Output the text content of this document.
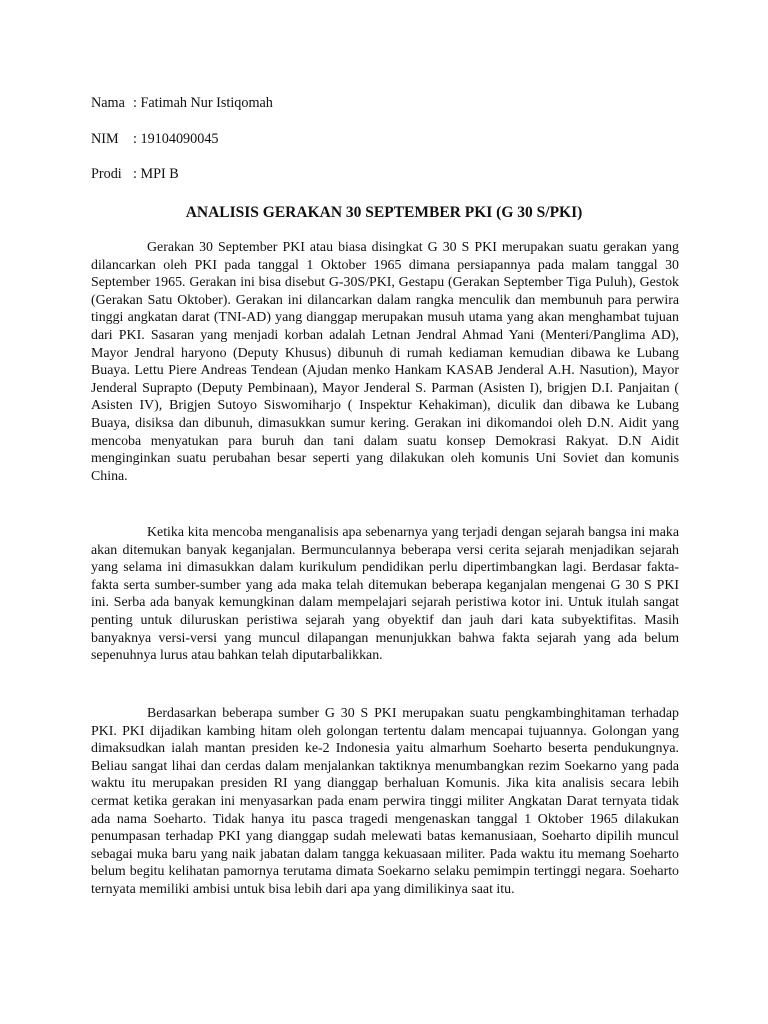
Nama : Fatimah Nur Istiqomah
NIM : 19104090045
Prodi : MPI B
ANALISIS GERAKAN 30 SEPTEMBER PKI (G 30 S/PKI)

Gerakan 30 September PKI atau biasa disingkat G 30 S PKI merupakan suatu gerakan yang dilancarkan oleh PKI pada tanggal 1 Oktober 1965 dimana persiapannya pada malam tanggal 30 September 1965. Gerakan ini bisa disebut G-30S/PKI, Gestapu (Gerakan September Tiga Puluh), Gestok (Gerakan Satu Oktober). Gerakan ini dilancarkan dalam rangka menculik dan membunuh para perwira tinggi angkatan darat (TNI-AD) yang dianggap merupakan musuh utama yang akan menghambat tujuan dari PKI. Sasaran yang menjadi korban adalah Letnan Jendral Ahmad Yani (Menteri/Panglima AD), Mayor Jendral haryono (Deputy Khusus) dibunuh di rumah kediaman kemudian dibawa ke Lubang Buaya. Lettu Piere Andreas Tendean (Ajudan menko Hankam KASAB Jenderal A.H. Nasution), Mayor Jenderal Suprapto (Deputy Pembinaan), Mayor Jenderal S. Parman (Asisten I), brigjen D.I. Panjaitan ( Asisten IV), Brigjen Sutoyo Siswomiharjo ( Inspektur Kehakiman), diculik dan dibawa ke Lubang Buaya, disiksa dan dibunuh, dimasukkan sumur kering. Gerakan ini dikomandoi oleh D.N. Aidit yang mencoba menyatukan para buruh dan tani dalam suatu konsep Demokrasi Rakyat. D.N Aidit menginginkan suatu perubahan besar seperti yang dilakukan oleh komunis Uni Soviet dan komunis China.

Ketika kita mencoba menganalisis apa sebenarnya yang terjadi dengan sejarah bangsa ini maka akan ditemukan banyak keganjalan. Bermunculannya beberapa versi cerita sejarah menjadikan sejarah yang selama ini dimasukkan dalam kurikulum pendidikan perlu dipertimbangkan lagi. Berdasar fakta-fakta serta sumber-sumber yang ada maka telah ditemukan beberapa keganjalan mengenai G 30 S PKI ini. Serba ada banyak kemungkinan dalam mempelajari sejarah peristiwa kotor ini. Untuk itulah sangat penting untuk diluruskan peristiwa sejarah yang obyektif dan jauh dari kata subyektifitas. Masih banyaknya versi-versi yang muncul dilapangan menunjukkan bahwa fakta sejarah yang ada belum sepenuhnya lurus atau bahkan telah diputarbalikkan.

Berdasarkan beberapa sumber G 30 S PKI merupakan suatu pengkambinghitaman terhadap PKI. PKI dijadikan kambing hitam oleh golongan tertentu dalam mencapai tujuannya. Golongan yang dimaksudkan ialah mantan presiden ke-2 Indonesia yaitu almarhum Soeharto beserta pendukungnya. Beliau sangat lihai dan cerdas dalam menjalankan taktiknya menumbangkan rezim Soekarno yang pada waktu itu merupakan presiden RI yang dianggap berhaluan Komunis. Jika kita analisis secara lebih cermat ketika gerakan ini menyasarkan pada enam perwira tinggi militer Angkatan Darat ternyata tidak ada nama Soeharto. Tidak hanya itu pasca tragedi mengenaskan tanggal 1 Oktober 1965 dilakukan penumpasan terhadap PKI yang dianggap sudah melewati batas kemanusiaan, Soeharto dipilih muncul sebagai muka baru yang naik jabatan dalam tangga kekuasaan militer. Pada waktu itu memang Soeharto belum begitu kelihatan pamornya terutama dimata Soekarno selaku pemimpin tertinggi negara. Soeharto ternyata memiliki ambisi untuk bisa lebih dari apa yang dimilikinya saat itu.
